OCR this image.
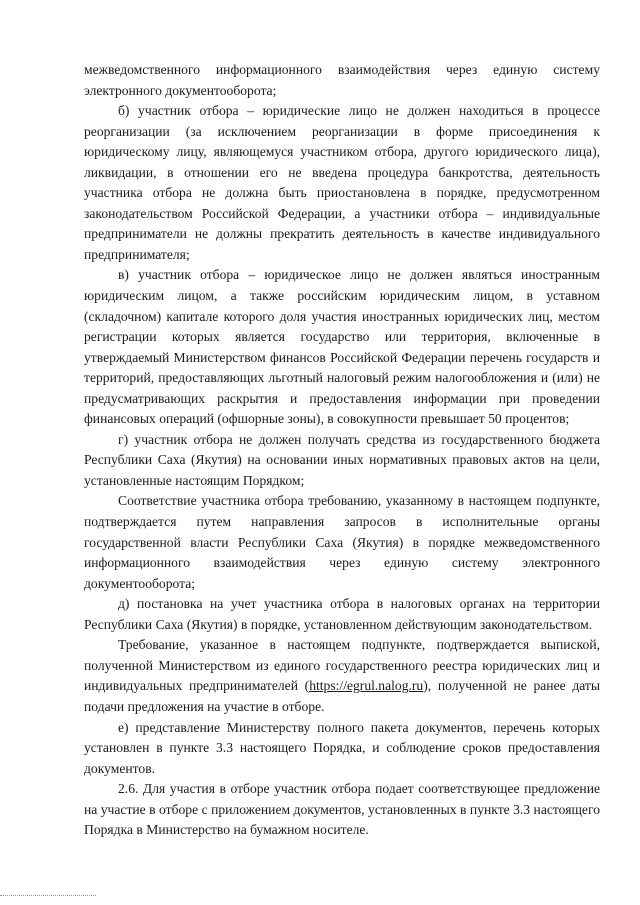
межведомственного информационного взаимодействия через единую систему электронного документооборота;

б) участник отбора – юридические лицо не должен находиться в процессе реорганизации (за исключением реорганизации в форме присоединения к юридическому лицу, являющемуся участником отбора, другого юридического лица), ликвидации, в отношении его не введена процедура банкротства, деятельность участника отбора не должна быть приостановлена в порядке, предусмотренном законодательством Российской Федерации, а участники отбора – индивидуальные предприниматели не должны прекратить деятельность в качестве индивидуального предпринимателя;

в) участник отбора – юридическое лицо не должен являться иностранным юридическим лицом, а также российским юридическим лицом, в уставном (складочном) капитале которого доля участия иностранных юридических лиц, местом регистрации которых является государство или территория, включенные в утверждаемый Министерством финансов Российской Федерации перечень государств и территорий, предоставляющих льготный налоговый режим налогообложения и (или) не предусматривающих раскрытия и предоставления информации при проведении финансовых операций (офшорные зоны), в совокупности превышает 50 процентов;

г) участник отбора не должен получать средства из государственного бюджета Республики Саха (Якутия) на основании иных нормативных правовых актов на цели, установленные настоящим Порядком;

Соответствие участника отбора требованию, указанному в настоящем подпункте, подтверждается путем направления запросов в исполнительные органы государственной власти Республики Саха (Якутия) в порядке межведомственного информационного взаимодействия через единую систему электронного документооборота;

д) постановка на учет участника отбора в налоговых органах на территории Республики Саха (Якутия) в порядке, установленном действующим законодательством.

Требование, указанное в настоящем подпункте, подтверждается выпиской, полученной Министерством из единого государственного реестра юридических лиц и индивидуальных предпринимателей (https://egrul.nalog.ru), полученной не ранее даты подачи предложения на участие в отборе.

е) представление Министерству полного пакета документов, перечень которых установлен в пункте 3.3 настоящего Порядка, и соблюдение сроков предоставления документов.

2.6. Для участия в отборе участник отбора подает соответствующее предложение на участие в отборе с приложением документов, установленных в пункте 3.3 настоящего Порядка в Министерство на бумажном носителе.
